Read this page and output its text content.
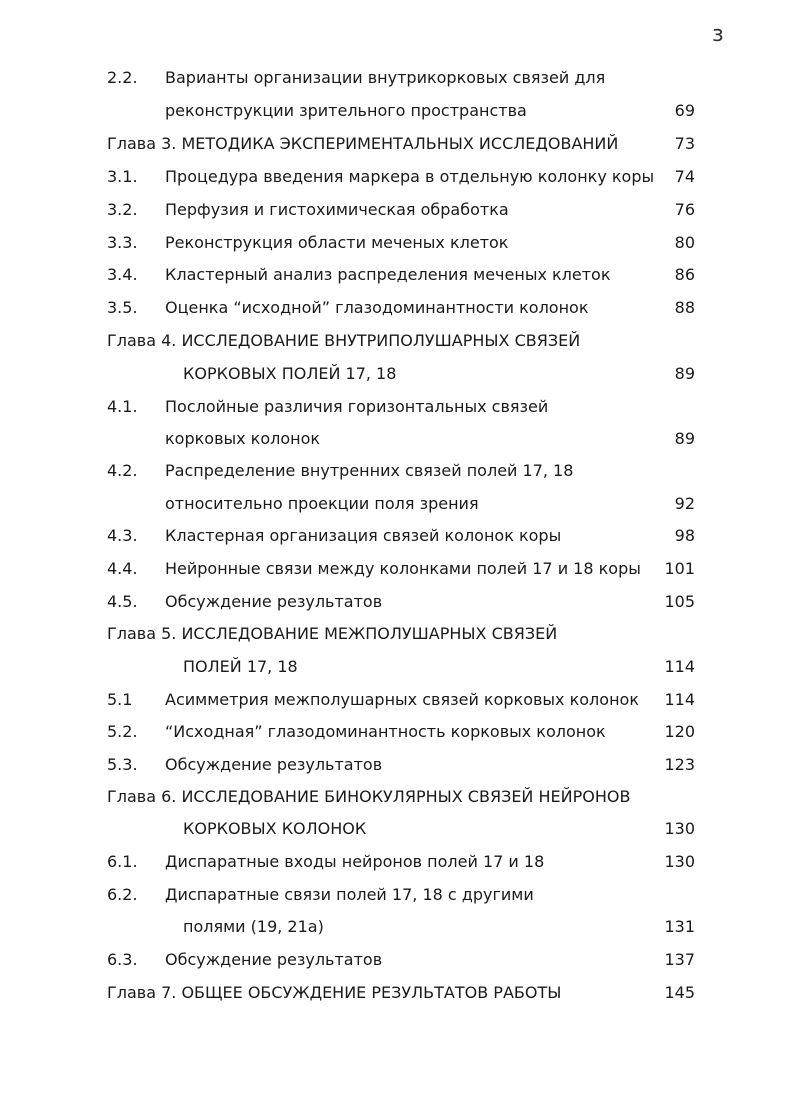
з
2.2. Варианты организации внутрикорковых связей для
реконструкции зрительного пространства	69
Глава 3. МЕТОДИКА ЭКСПЕРИМЕНТАЛЬНЫХ ИССЛЕДОВАНИЙ	73
3.1. Процедура введения маркера в отдельную колонку коры 74
3.2. Перфузия и гистохимическая обработка	76
3.3. Реконструкция области меченых клеток	80
3.4. Кластерный анализ распределения меченых клеток	86
3.5. Оценка “исходной” глазодоминантности колонок	88
Глава 4. ИССЛЕДОВАНИЕ ВНУТРИПОЛУШАРНЫХ СВЯЗЕЙ
КОРКОВЫХ ПОЛЕЙ 17, 18	89
4.1. Послойные различия горизонтальных связей
корковых колонок	89
4.2. Распределение внутренних связей полей 17, 18
относительно проекции поля зрения	92
4.3. Кластерная организация связей колонок коры	98
4.4. Нейронные связи между колонками полей 17 и 18 коры 101
4.5. Обсуждение результатов	105
Глава 5. ИССЛЕДОВАНИЕ МЕЖПОЛУШАРНЫХ СВЯЗЕЙ
ПОЛЕЙ 17, 18	114
5.1 Асимметрия межполушарных связей корковых колонок 114
5.2. “Исходная” глазодоминантность корковых колонок	120
5.3. Обсуждение результатов	123
Глава 6. ИССЛЕДОВАНИЕ БИНОКУЛЯРНЫХ СВЯЗЕЙ НЕЙРОНОВ
КОРКОВЫХ КОЛОНОК	130
6.1. Диспаратные входы нейронов полей 17 и 18	130
6.2. Диспаратные связи полей 17, 18 с другими
полями (19, 21а)	131
6.3. Обсуждение результатов	137
Глава 7. ОБЩЕЕ ОБСУЖДЕНИЕ РЕЗУЛЬТАТОВ РАБОТЫ	145
